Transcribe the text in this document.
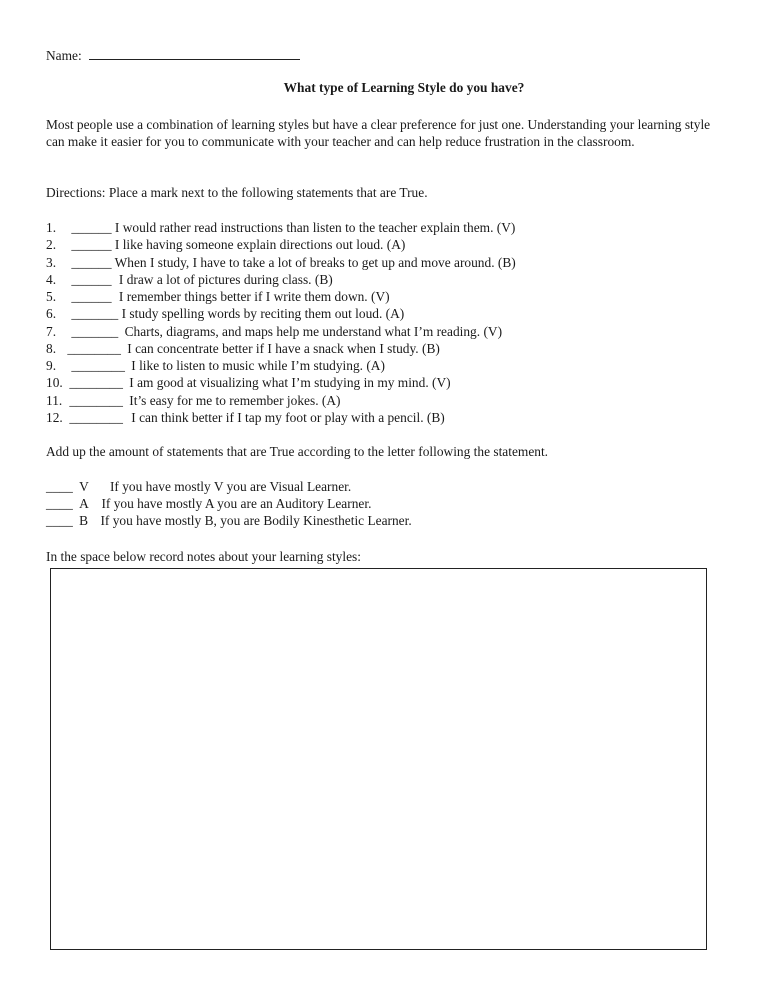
Name:
What type of Learning Style do you have?
Most people use a combination of learning styles but have a clear preference for just one. Understanding your learning style can make it easier for you to communicate with your teacher and can help reduce frustration in the classroom.
Directions: Place a mark next to the following statements that are True.
1. ______ I would rather read instructions than listen to the teacher explain them. (V)
2. ______ I like having someone explain directions out loud. (A)
3. ______ When I study, I have to take a lot of breaks to get up and move around. (B)
4. ______ I draw a lot of pictures during class. (B)
5. ______ I remember things better if I write them down. (V)
6. _______ I study spelling words by reciting them out loud. (A)
7. _______ Charts, diagrams, and maps help me understand what I’m reading. (V)
8. ________ I can concentrate better if I have a snack when I study. (B)
9. ________ I like to listen to music while I’m studying. (A)
10. ________ I am good at visualizing what I’m studying in my mind. (V)
11. ________ It’s easy for me to remember jokes. (A)
12. ________ I can think better if I tap my foot or play with a pencil. (B)
Add up the amount of statements that are True according to the letter following the statement.
____ V If you have mostly V you are Visual Learner.
____ A If you have mostly A you are an Auditory Learner.
____ B If you have mostly B, you are Bodily Kinesthetic Learner.
In the space below record notes about your learning styles:
